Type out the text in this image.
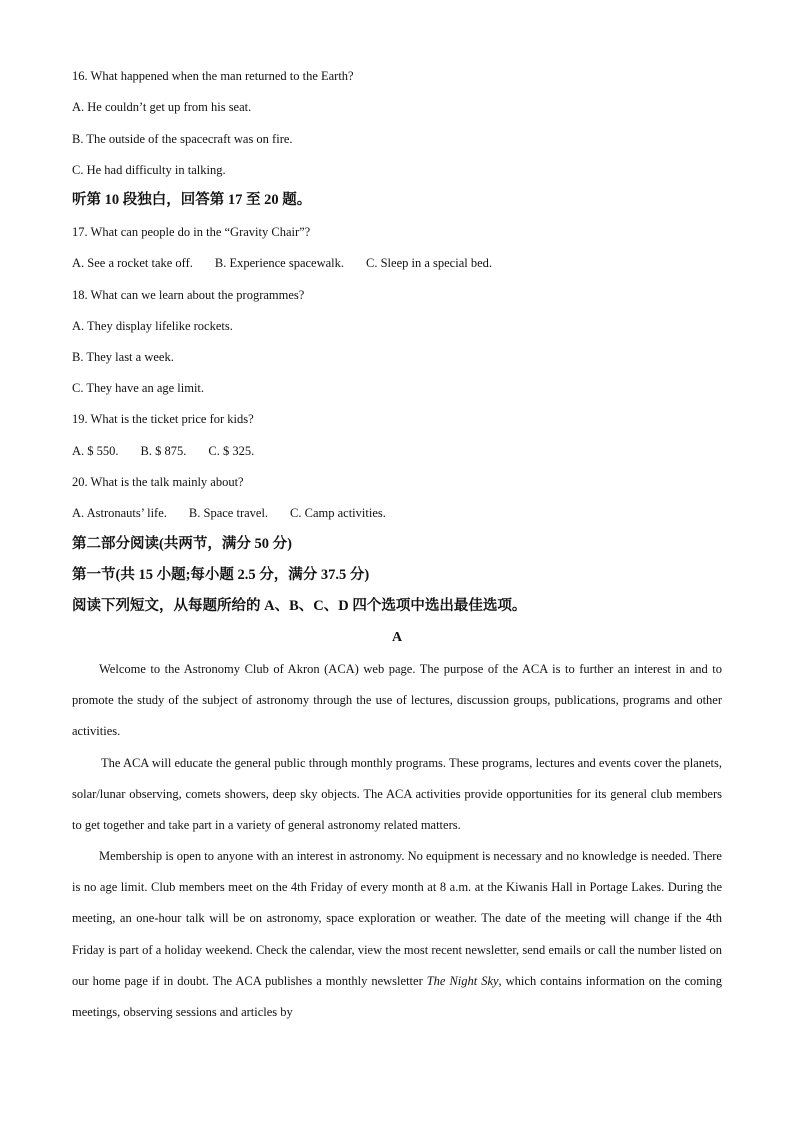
16. What happened when the man returned to the Earth?
A. He couldn’t get up from his seat.
B. The outside of the spacecraft was on fire.
C. He had difficulty in talking.
听第 10 段独白，回答第 17 至 20 题。
17. What can people do in the “Gravity Chair”?
A. See a rocket take off. B. Experience spacewalk. C. Sleep in a special bed.
18. What can we learn about the programmes?
A. They display lifelike rockets.
B. They last a week.
C. They have an age limit.
19. What is the ticket price for kids?
A. $ 550. B. $ 875. C. $ 325.
20. What is the talk mainly about?
A. Astronauts’ life. B. Space travel. C. Camp activities.
第二部分阅读(共两节，满分 50 分)
第一节(共 15 小题;每小题 2.5 分，满分 37.5 分)
阅读下列短文，从每题所给的 A、B、C、D 四个选项中选出最佳选项。
A

Welcome to the Astronomy Club of Akron (ACA) web page. The purpose of the ACA is to further an interest in and to promote the study of the subject of astronomy through the use of lectures, discussion groups, publications, programs and other activities.

The ACA will educate the general public through monthly programs. These programs, lectures and events cover the planets, solar/lunar observing, comets showers, deep sky objects. The ACA activities provide opportunities for its general club members to get together and take part in a variety of general astronomy related matters.

Membership is open to anyone with an interest in astronomy. No equipment is necessary and no knowledge is needed. There is no age limit. Club members meet on the 4th Friday of every month at 8 a.m. at the Kiwanis Hall in Portage Lakes. During the meeting, an one-hour talk will be on astronomy, space exploration or weather. The date of the meeting will change if the 4th Friday is part of a holiday weekend. Check the calendar, view the most recent newsletter, send emails or call the number listed on our home page if in doubt. The ACA publishes a monthly newsletter The Night Sky, which contains information on the coming meetings, observing sessions and articles by
